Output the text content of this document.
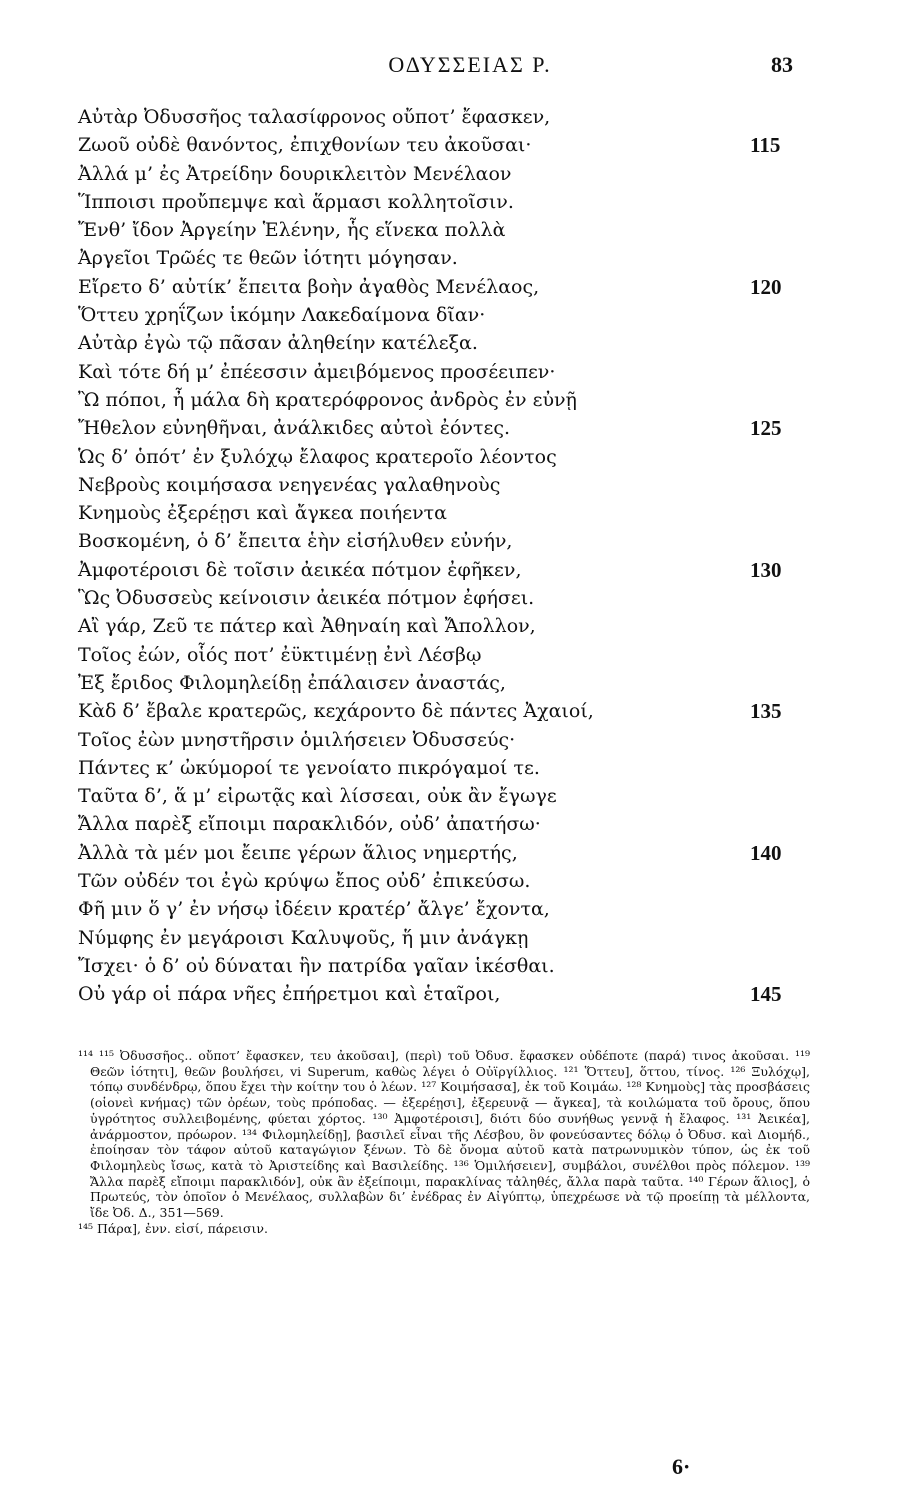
ΟΔΥΣΣΕΙΑΣ Ρ.	83
Αὐτὰρ Ὀδυσσῆος ταλασίφρονος οὔποτ’ ἔφασκεν,
Ζωοῦ οὐδὲ θανόντος, ἐπιχθονίων τευ ἀκοῦσαι·	115
Ἀλλά μ’ ἐς Ἀτρείδην δουρικλειτὸν Μενέλαον
Ἵπποισι προὔπεμψε καὶ ἅρμασι κολλητοῖσιν.
Ἔνθ’ ἴδον Ἀργείην Ἑλένην, ἧς εἵνεκα πολλὰ
Ἀργεῖοι Τρῶές τε θεῶν ἰότητι μόγησαν.
Εἴρετο δ’ αὐτίκ’ ἔπειτα βοὴν ἀγαθὸς Μενέλαος,	120
Ὅττευ χρηΐζων ἱκόμην Λακεδαίμονα δῖαν·
Αὐτὰρ ἐγὼ τῷ πᾶσαν ἀληθείην κατέλεξα.
Καὶ τότε δή μ’ ἐπέεσσιν ἀμειβόμενος προσέειπεν·
Ὢ πόποι, ἦ μάλα δὴ κρατερόφρονος ἀνδρὸς ἐν εὐνῇ
Ἤθελον εὐνηθῆναι, ἀνάλκιδες αὐτοὶ ἐόντες.	125
Ὡς δ’ ὁπότ’ ἐν ξυλόχῳ ἔλαφος κρατεροῖο λέοντος
Νεβροὺς κοιμήσασα νεηγενέας γαλαθηνοὺς
Κνημοὺς ἐξερέῃσι καὶ ἄγκεα ποιήεντα
Βοσκομένη, ὁ δ’ ἔπειτα ἑὴν εἰσήλυθεν εὐνήν,
Ἀμφοτέροισι δὲ τοῖσιν ἀεικέα πότμον ἐφῆκεν,	130
Ὣς Ὀδυσσεὺς κείνοισιν ἀεικέα πότμον ἐφήσει.
Αἲ γάρ, Ζεῦ τε πάτερ καὶ Ἀθηναίη καὶ Ἄπολλον,
Τοῖος ἐών, οἷός ποτ’ ἐϋκτιμένῃ ἐνὶ Λέσβῳ
Ἐξ ἔριδος Φιλομηλείδῃ ἐπάλαισεν ἀναστάς,
Κὰδ δ’ ἔβαλε κρατερῶς, κεχάροντο δὲ πάντες Ἀχαιοί,	135
Τοῖος ἐὼν μνηστῆρσιν ὁμιλήσειεν Ὀδυσσεύς·
Πάντες κ’ ὠκύμοροί τε γενοίατο πικρόγαμοί τε.
Ταῦτα δ’, ἅ μ’ εἰρωτᾷς καὶ λίσσεαι, οὐκ ἂν ἔγωγε
Ἄλλα παρὲξ εἴποιμι παρακλιδόν, οὐδ’ ἀπατήσω·
Ἀλλὰ τὰ μέν μοι ἔειπε γέρων ἅλιος νημερτής,	140
Τῶν οὐδέν τοι ἐγὼ κρύψω ἔπος οὐδ’ ἐπικεύσω.
Φῆ μιν ὅ γ’ ἐν νήσῳ ἰδέειν κρατέρ’ ἄλγε’ ἔχοντα,
Νύμφης ἐν μεγάροισι Καλυψοῦς, ἥ μιν ἀνάγκῃ
Ἴσχει· ὁ δ’ οὐ δύναται ἣν πατρίδα γαῖαν ἱκέσθαι.
Οὐ γάρ οἱ πάρα νῆες ἐπήρετμοι καὶ ἑταῖροι,	145

¹¹⁴ ¹¹⁵ Ὀδυσσῆος.. οὔποτ’ ἔφασκεν, τευ ἀκοῦσαι], (περὶ) τοῦ Ὀδυσ. ἔφασκεν οὐδέποτε (παρά) τινος ἀκοῦσαι. ¹¹⁹ Θεῶν ἰότητι], θεῶν βουλήσει, vi Superum, καθὼς λέγει ὁ Οὐϊργίλλιος. ¹²¹ Ὅττευ], ὅττου, τίνος. ¹²⁶ Ξυλόχῳ], τόπῳ συνδένδρῳ, ὅπου ἔχει τὴν κοίτην του ὁ λέων. ¹²⁷ Κοιμήσασα], ἐκ τοῦ Κοιμάω. ¹²⁸ Κνημοὺς] τὰς προσβάσεις (οἱονεὶ κνήμας) τῶν ὀρέων, τοὺς πρόποδας. — ἐξερέῃσι], ἐξερευνᾷ — ἄγκεα], τὰ κοιλώματα τοῦ ὄρους, ὅπου ὑγρότητος συλλειβομένης, φύεται χόρτος. ¹³⁰ Ἀμφοτέροισι], διότι δύο συνήθως γεννᾷ ἡ ἔλαφος. ¹³¹ Ἀεικέα], ἀνάρμοστον, πρόωρον. ¹³⁴ Φιλομηλείδῃ], βασιλεῖ εἶναι τῆς Λέσβου, ὃν φονεύσαντες δόλῳ ὁ Ὀδυσ. καὶ Διομήδ., ἐποίησαν τὸν τάφον αὐτοῦ καταγώγιον ξένων. Τὸ δὲ ὄνομα αὐτοῦ κατὰ πατρωνυμικὸν τύπον, ὡς ἐκ τοῦ Φιλομηλεὺς ἴσως, κατὰ τὸ Ἀριστείδης καὶ Βασιλείδης. ¹³⁶ Ὁμιλήσειεν], συμβάλοι, συνέλθοι πρὸς πόλεμον. ¹³⁹ Ἄλλα παρὲξ εἴποιμι παρακλιδόν], οὐκ ἂν ἐξείποιμι, παρακλίνας τἀληθές, ἄλλα παρὰ ταῦτα. ¹⁴⁰ Γέρων ἅλιος], ὁ Πρωτεύς, τὸν ὁποῖον ὁ Μενέλαος, συλλαβὼν δι’ ἐνέδρας ἐν Αἰγύπτῳ, ὑπεχρέωσε νὰ τῷ προείπῃ τὰ μέλλοντα, ἴδε Ὀδ. Δ., 351—569.

¹⁴⁵ Πάρα], ἐνν. εἰσί, πάρεισιν.

6·
